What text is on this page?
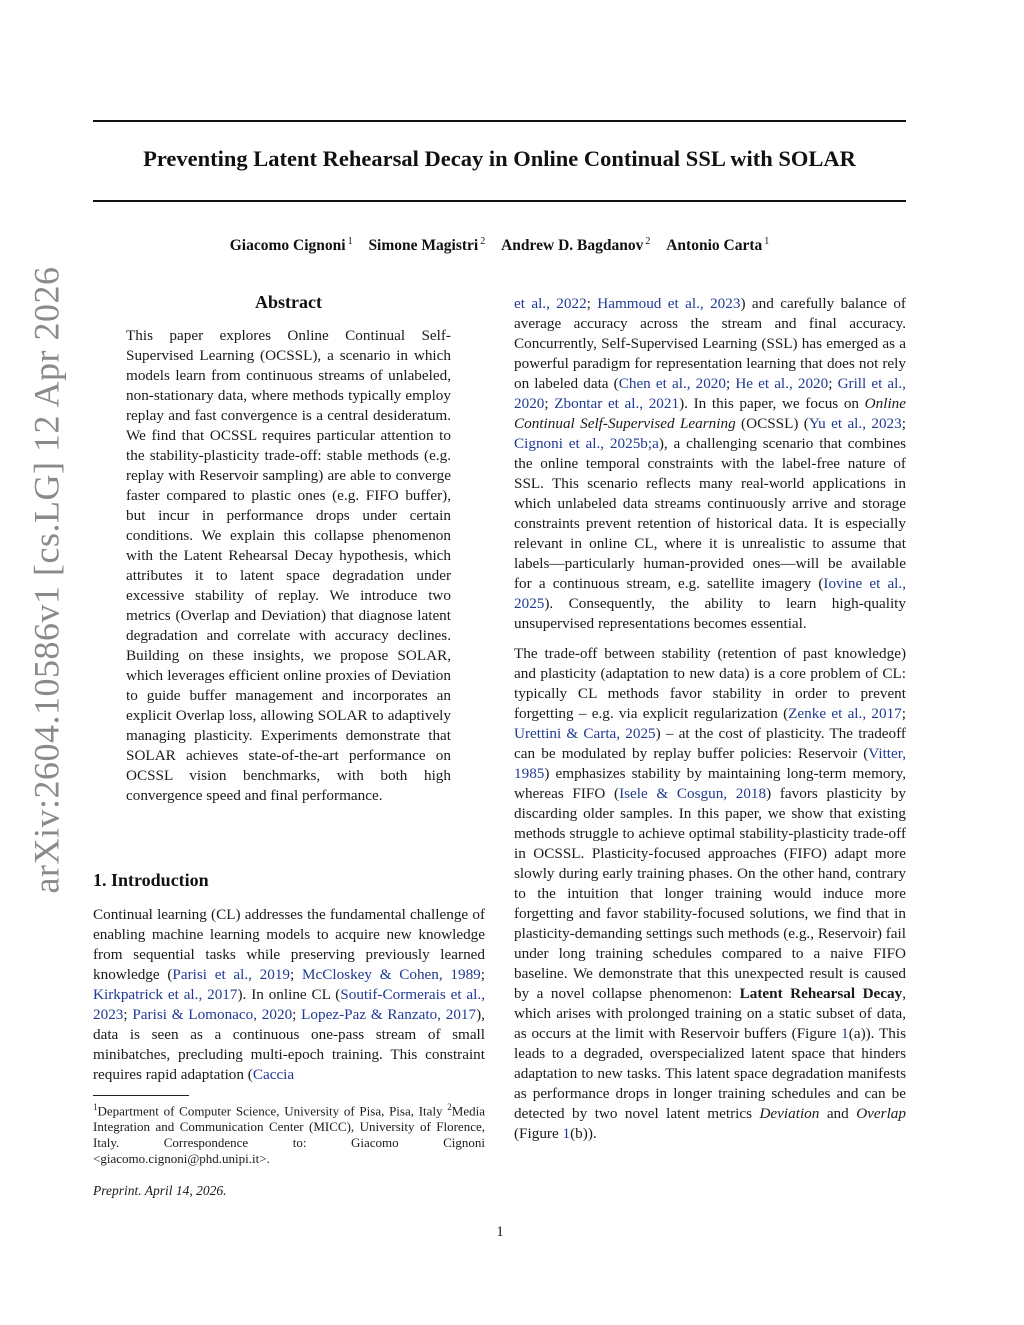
Preventing Latent Rehearsal Decay in Online Continual SSL with SOLAR
Giacomo Cignoni $^1$ Simone Magistri $^2$ Andrew D. Bagdanov $^2$ Antonio Carta $^1$
arXiv:2604.10586v1 [cs.LG] 12 Apr 2026	Abstract
This paper explores Online Continual Self-Supervised Learning (OCSSL), a scenario in which models learn from continuous streams of unlabeled, non-stationary data, where methods typically employ replay and fast convergence is a central desideratum. We find that OCSSL requires particular attention to the stability-plasticity trade-off: stable methods (e.g. replay with Reservoir sampling) are able to converge faster compared to plastic ones (e.g. FIFO buffer), but incur in performance drops under certain conditions. We explain this collapse phenomenon with the Latent Rehearsal Decay hypothesis, which attributes it to latent space degradation under excessive stability of replay. We introduce two metrics (Overlap and Deviation) that diagnose latent degradation and correlate with accuracy declines. Building on these insights, we propose SOLAR, which leverages efficient online proxies of Deviation to guide buffer management and incorporates an explicit Overlap loss, allowing SOLAR to adaptively managing plasticity. Experiments demonstrate that SOLAR achieves state-of-the-art performance on OCSSL vision benchmarks, with both high convergence speed and final performance.
1. Introduction

Continual learning (CL) addresses the fundamental challenge of enabling machine learning models to acquire new knowledge from sequential tasks while preserving previously learned knowledge (Parisi et al., 2019; McCloskey & Cohen, 1989; Kirkpatrick et al., 2017). In online CL (Soutif-Cormerais et al., 2023; Parisi & Lomonaco, 2020; Lopez-Paz & Ranzato, 2017), data is seen as a continuous one-pass stream of small minibatches, precluding multi-epoch training. This constraint requires rapid adaptation (Caccia

et al., 2022; Hammoud et al., 2023) and carefully balance of average accuracy across the stream and final accuracy. Concurrently, Self-Supervised Learning (SSL) has emerged as a powerful paradigm for representation learning that does not rely on labeled data (Chen et al., 2020; He et al., 2020; Grill et al., 2020; Zbontar et al., 2021). In this paper, we focus on Online Continual Self-Supervised Learning (OCSSL) (Yu et al., 2023; Cignoni et al., 2025b;a), a challenging scenario that combines the online temporal constraints with the label-free nature of SSL. This scenario reflects many real-world applications in which unlabeled data streams continuously arrive and storage constraints prevent retention of historical data. It is especially relevant in online CL, where it is unrealistic to assume that labels—particularly human-provided ones—will be available for a continuous stream, e.g. satellite imagery (Iovine et al., 2025). Consequently, the ability to learn high-quality unsupervised representations becomes essential.

The trade-off between stability (retention of past knowledge) and plasticity (adaptation to new data) is a core problem of CL: typically CL methods favor stability in order to prevent forgetting – e.g. via explicit regularization (Zenke et al., 2017; Urettini & Carta, 2025) – at the cost of plasticity. The tradeoff can be modulated by replay buffer policies: Reservoir (Vitter, 1985) emphasizes stability by maintaining long-term memory, whereas FIFO (Isele & Cosgun, 2018) favors plasticity by discarding older samples. In this paper, we show that existing methods struggle to achieve optimal stability-plasticity trade-off in OCSSL. Plasticity-focused approaches (FIFO) adapt more slowly during early training phases. On the other hand, contrary to the intuition that longer training would induce more forgetting and favor stability-focused solutions, we find that in plasticity-demanding settings such methods (e.g., Reservoir) fail under long training schedules compared to a naive FIFO baseline. We demonstrate that this unexpected result is caused by a novel collapse phenomenon: Latent Rehearsal Decay, which arises with prolonged training on a static subset of data, as occurs at the limit with Reservoir buffers (Figure 1(a)). This leads to a degraded, overspecialized latent space that hinders adaptation to new tasks. This latent space degradation manifests as performance drops in longer training schedules and can be detected by two novel latent metrics Deviation and Overlap (Figure 1(b)).

$^1$Department of Computer Science, University of Pisa, Pisa, Italy $^2$Media Integration and Communication Center (MICC), University of Florence, Italy. Correspondence to: Giacomo Cignoni <giacomo.cignoni@phd.unipi.it>.
Preprint. April 14, 2026.
1
